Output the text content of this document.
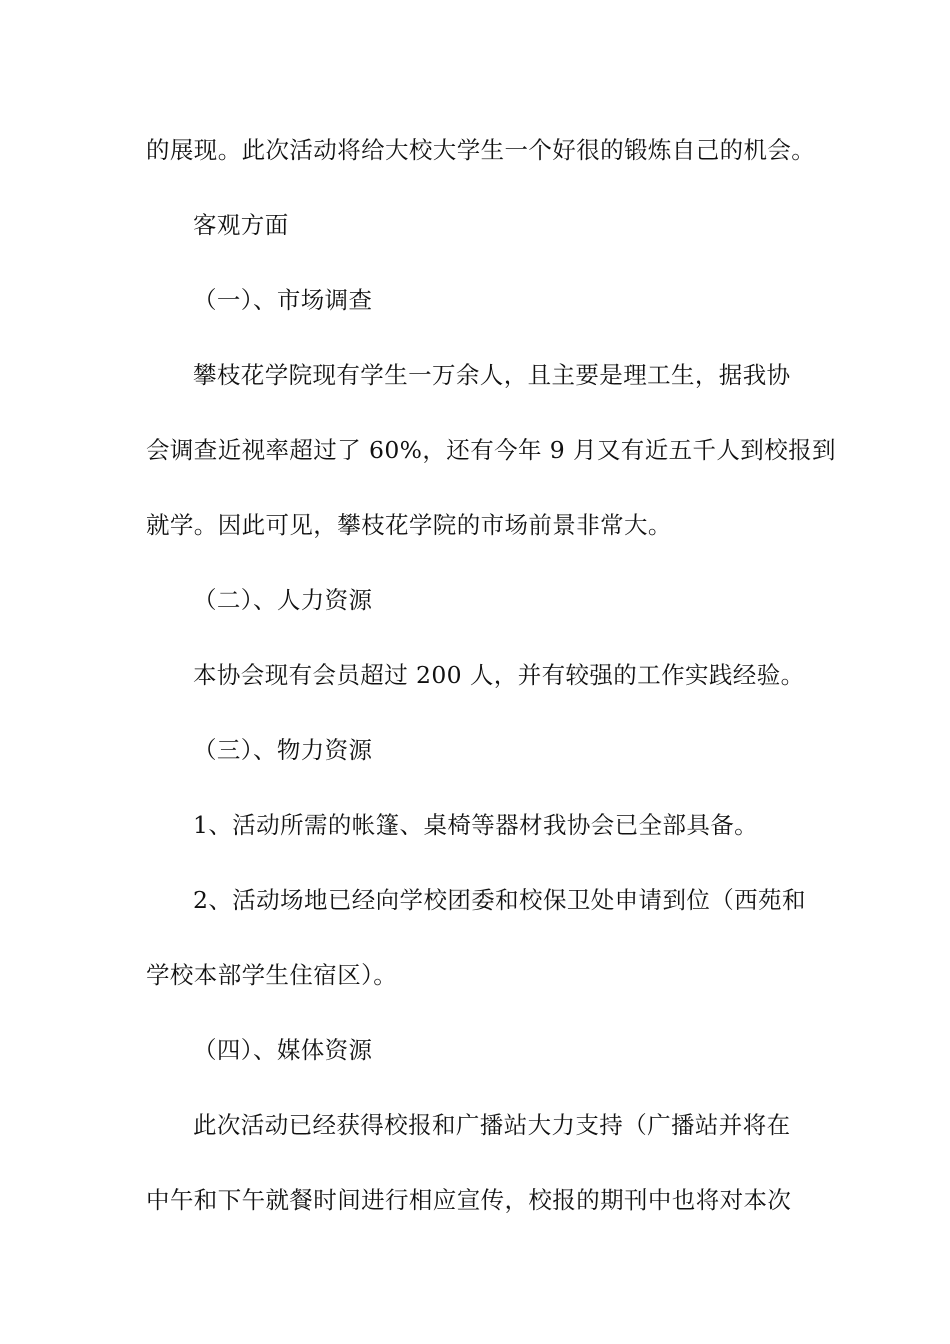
的展现。此次活动将给大校大学生一个好很的锻炼自己的机会。
客观方面
（一）、市场调查
攀枝花学院现有学生一万余人，且主要是理工生，据我协
会调查近视率超过了 60%，还有今年 9 月又有近五千人到校报到
就学。因此可见，攀枝花学院的市场前景非常大。
（二）、人力资源
本协会现有会员超过 200 人，并有较强的工作实践经验。
（三）、物力资源
1、活动所需的帐篷、桌椅等器材我协会已全部具备。
2、活动场地已经向学校团委和校保卫处申请到位（西苑和
学校本部学生住宿区）。
（四）、媒体资源
此次活动已经获得校报和广播站大力支持（广播站并将在
中午和下午就餐时间进行相应宣传，校报的期刊中也将对本次
